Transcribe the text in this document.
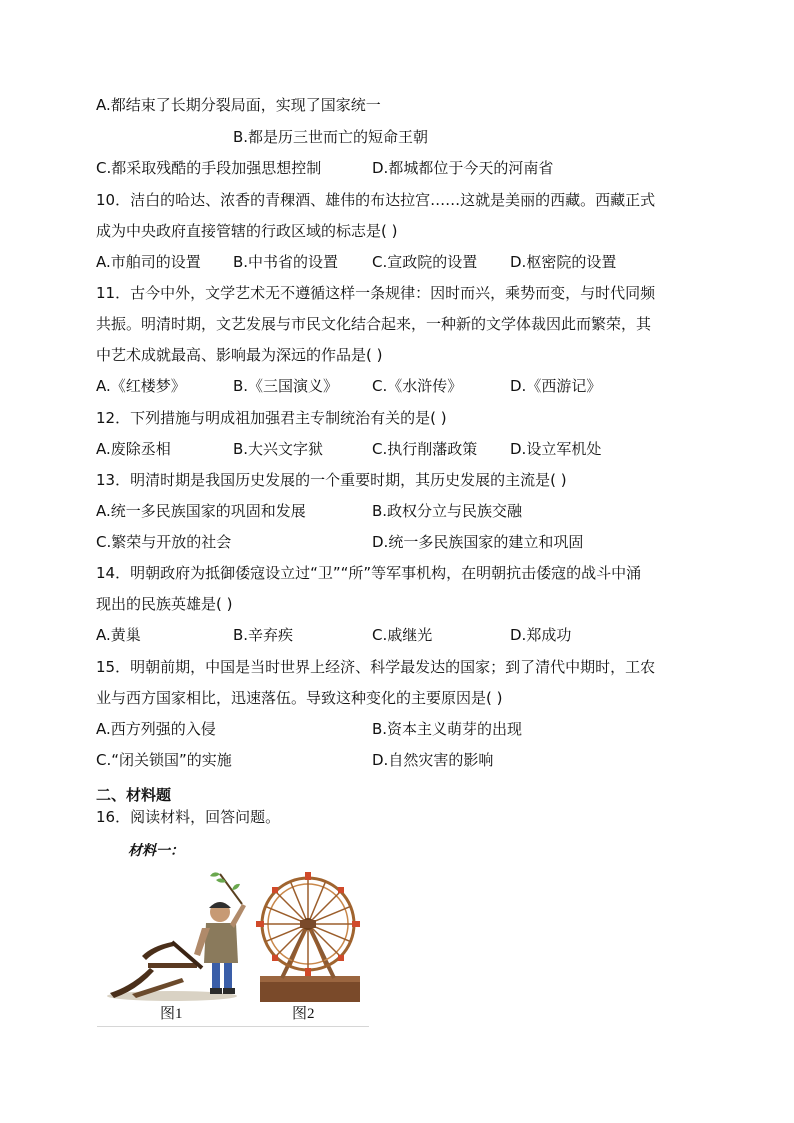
A.都结束了长期分裂局面，实现了国家统一
B.都是历三世而亡的短命王朝
C.都采取残酷的手段加强思想控制	D.都城都位于今天的河南省
10．洁白的哈达、浓香的青稞酒、雄伟的布达拉宫……这就是美丽的西藏。西藏正式
成为中央政府直接管辖的行政区域的标志是( )
A.市舶司的设置 B.中书省的设置 C.宣政院的设置 D.枢密院的设置
11．古今中外，文学艺术无不遵循这样一条规律：因时而兴，乘势而变，与时代同频
共振。明清时期，文艺发展与市民文化结合起来，一种新的文学体裁因此而繁荣，其
中艺术成就最高、影响最为深远的作品是( )
A.《红楼梦》	B.《三国演义》 C.《水浒传》	D.《西游记》
12．下列措施与明成祖加强君主专制统治有关的是( )
A.废除丞相	B.大兴文字狱	C.执行削藩政策 D.设立军机处
13．明清时期是我国历史发展的一个重要时期，其历史发展的主流是( )
A.统一多民族国家的巩固和发展	B.政权分立与民族交融
C.繁荣与开放的社会	D.统一多民族国家的建立和巩固
14．明朝政府为抵御倭寇设立过“卫”“所”等军事机构，在明朝抗击倭寇的战斗中涌
现出的民族英雄是( )
A.黄巢	B.辛弃疾	C.戚继光	D.郑成功
15．明朝前期，中国是当时世界上经济、科学最发达的国家；到了清代中期时，工农
业与西方国家相比，迅速落伍。导致这种变化的主要原因是( )
A.西方列强的入侵	B.资本主义萌芽的出现
C.“闭关锁国”的实施	D.自然灾害的影响
二、材料题
16．阅读材料，回答问题。
材料一：
图1	图2
